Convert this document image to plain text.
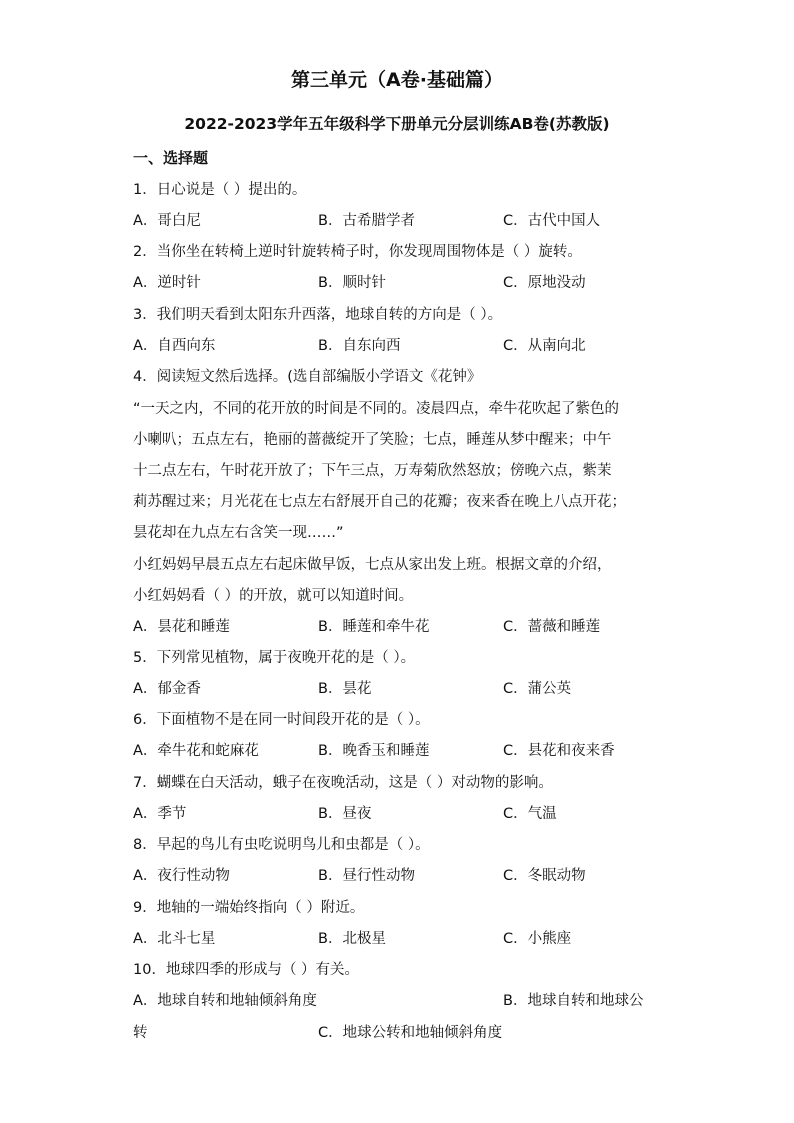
第三单元（A卷·基础篇）
2022-2023学年五年级科学下册单元分层训练AB卷(苏教版)
一、选择题
1．日心说是（ ）提出的。
A．哥白尼	B．古希腊学者	C．古代中国人
2．当你坐在转椅上逆时针旋转椅子时，你发现周围物体是（ ）旋转。
A．逆时针	B．顺时针	C．原地没动
3．我们明天看到太阳东升西落，地球自转的方向是（ ）。
A．自西向东	B．自东向西	C．从南向北
4．阅读短文然后选择。(选自部编版小学语文《花钟》
“一天之内，不同的花开放的时间是不同的。凌晨四点，牵牛花吹起了紫色的
小喇叭；五点左右，艳丽的蔷薇绽开了笑脸；七点，睡莲从梦中醒来；中午
十二点左右，午时花开放了；下午三点，万寿菊欣然怒放；傍晚六点，紫茉
莉苏醒过来；月光花在七点左右舒展开自己的花瓣；夜来香在晚上八点开花；
昙花却在九点左右含笑一现……”
小红妈妈早晨五点左右起床做早饭，七点从家出发上班。根据文章的介绍，
小红妈妈看（ ）的开放，就可以知道时间。
A．昙花和睡莲	B．睡莲和牵牛花	C．蔷薇和睡莲
5．下列常见植物，属于夜晚开花的是（ ）。
A．郁金香	B．昙花	C．蒲公英
6．下面植物不是在同一时间段开花的是（ ）。
A．牵牛花和蛇麻花	B．晚香玉和睡莲	C．县花和夜来香
7．蝴蝶在白天活动，蛾子在夜晚活动，这是（ ）对动物的影响。
A．季节	B．昼夜	C．气温
8．早起的鸟儿有虫吃说明鸟儿和虫都是（ ）。
A．夜行性动物	B．昼行性动物	C．冬眠动物
9．地轴的一端始终指向（ ）附近。
A．北斗七星	B．北极星	C．小熊座
10．地球四季的形成与（ ）有关。
A．地球自转和地轴倾斜角度	B．地球自转和地球公
转	C．地球公转和地轴倾斜角度
